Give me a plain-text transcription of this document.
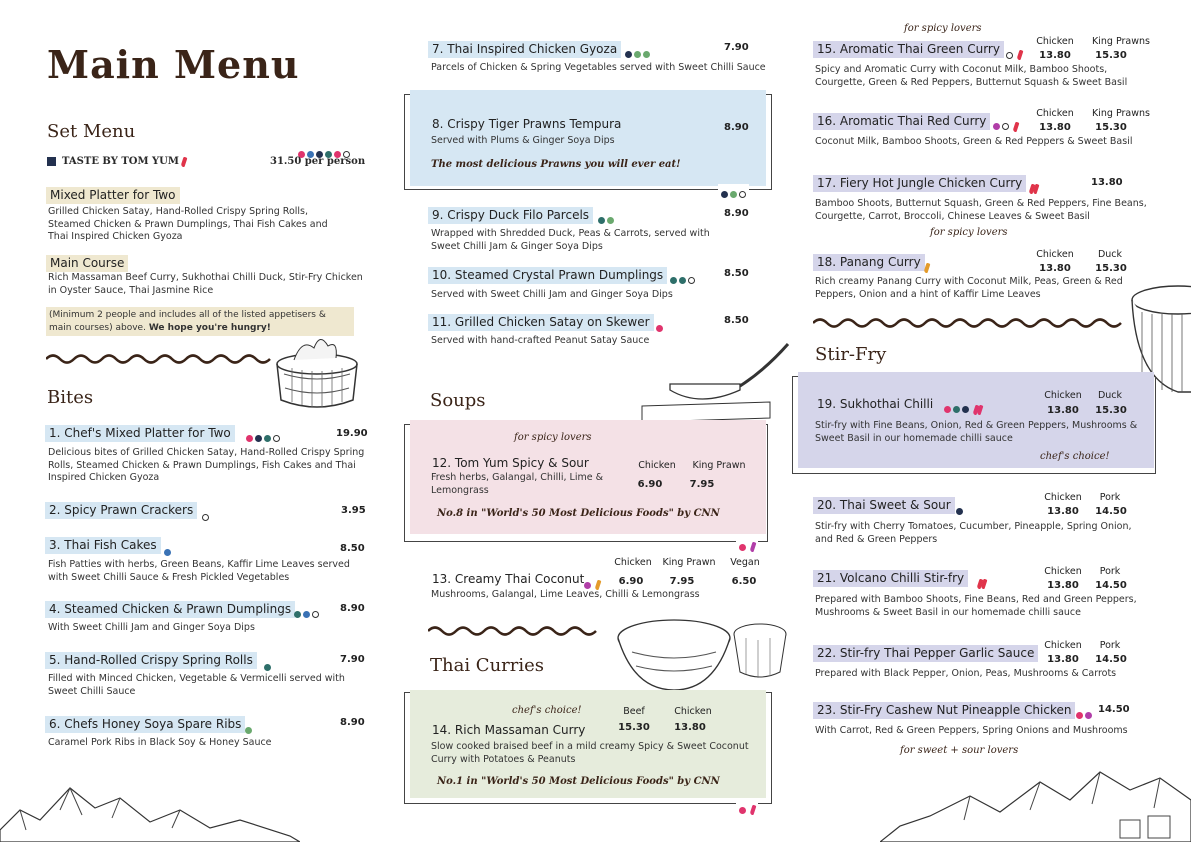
Main Menu
Set Menu
TASTE BY TOM YUM	31.50 per person
Mixed Platter for Two
Grilled Chicken Satay, Hand-Rolled Crispy Spring Rolls, Steamed Chicken & Prawn Dumplings, Thai Fish Cakes and Thai Inspired Chicken Gyoza
Main Course
Rich Massaman Beef Curry, Sukhothai Chilli Duck, Stir-Fry Chicken in Oyster Sauce, Thai Jasmine Rice
(Minimum 2 people and includes all of the listed appetisers & main courses) above. We hope you're hungry!
Bites
1. Chef's Mixed Platter for Two	19.90
Delicious bites of Grilled Chicken Satay, Hand-Rolled Crispy Spring Rolls, Steamed Chicken & Prawn Dumplings, Fish Cakes and Thai Inspired Chicken Gyoza
2. Spicy Prawn Crackers	3.95
3. Thai Fish Cakes	8.50
Fish Patties with herbs, Green Beans, Kaffir Lime Leaves served with Sweet Chilli Sauce & Fresh Pickled Vegetables
4. Steamed Chicken & Prawn Dumplings	8.90
With Sweet Chilli Jam and Ginger Soya Dips
5. Hand-Rolled Crispy Spring Rolls	7.90
Filled with Minced Chicken, Vegetable & Vermicelli served with Sweet Chilli Sauce
6. Chefs Honey Soya Spare Ribs	8.90
Caramel Pork Ribs in Black Soy & Honey Sauce
7. Thai Inspired Chicken Gyoza	7.90
Parcels of Chicken & Spring Vegetables served with Sweet Chilli Sauce
8. Crispy Tiger Prawns Tempura	8.90
Served with Plums & Ginger Soya Dips
The most delicious Prawns you will ever eat!
9. Crispy Duck Filo Parcels	8.90
Wrapped with Shredded Duck, Peas & Carrots, served with Sweet Chilli Jam & Ginger Soya Dips
10. Steamed Crystal Prawn Dumplings	8.50
Served with Sweet Chilli Jam and Ginger Soya Dips
11. Grilled Chicken Satay on Skewer	8.50
Served with hand-crafted Peanut Satay Sauce
Soups
for spicy lovers
12. Tom Yum Spicy & Sour	Chicken	King Prawn
Fresh herbs, Galangal, Chilli, Lime & Lemongrass	6.90	7.95
No.8 in "World's 50 Most Delicious Foods" by CNN

Chicken	King Prawn	Vegan
13. Creamy Thai Coconut
	6.90	7.95	6.50
Mushrooms, Galangal, Lime Leaves, Chilli & Lemongrass
Thai Curries
chef's choice!	Beef	Chicken
14. Rich Massaman Curry	15.30	13.80
Slow cooked braised beef in a mild creamy Spicy & Sweet Coconut Curry with Potatoes & Peanuts
No.1 in "World's 50 Most Delicious Foods" by CNN

for spicy lovers
Chicken	King Prawns
15. Aromatic Thai Green Curry
	13.80	15.30
Spicy and Aromatic Curry with Coconut Milk, Bamboo Shoots, Courgette, Green & Red Peppers, Butternut Squash & Sweet Basil
Chicken	King Prawns
16. Aromatic Thai Red Curry
	13.80	15.30
Coconut Milk, Bamboo Shoots, Green & Red Peppers & Sweet Basil
17. Fiery Hot Jungle Chicken Curry	13.80
Bamboo Shoots, Butternut Squash, Green & Red Peppers, Fine Beans, Courgette, Carrot, Broccoli, Chinese Leaves & Sweet Basil
for spicy lovers
Chicken	Duck
18. Panang Curry	13.80	15.30
Rich creamy Panang Curry with Coconut Milk, Peas, Green & Red Peppers, Onion and a hint of Kaffir Lime Leaves
Stir-Fry
Chicken	Duck
19. Sukhothai Chilli
	13.80	15.30
Stir-fry with Fine Beans, Onion, Red & Green Peppers, Mushrooms & Sweet Basil in our homemade chilli sauce
chef's choice!
Chicken	Pork
20. Thai Sweet & Sour	13.80	14.50
Stir-fry with Cherry Tomatoes, Cucumber, Pineapple, Spring Onion, and Red & Green Peppers
Chicken	Pork
21. Volcano Chilli Stir-fry
13.80	14.50
Prepared with Bamboo Shoots, Fine Beans, Red and Green Peppers, Mushrooms & Sweet Basil in our homemade chilli sauce
Chicken	Pork
22. Stir-fry Thai Pepper Garlic Sauce	13.80	14.50
Prepared with Black Pepper, Onion, Peas, Mushrooms & Carrots
23. Stir-Fry Cashew Nut Pineapple Chicken	14.50
With Carrot, Red & Green Peppers, Spring Onions and Mushrooms
for sweet + sour lovers
